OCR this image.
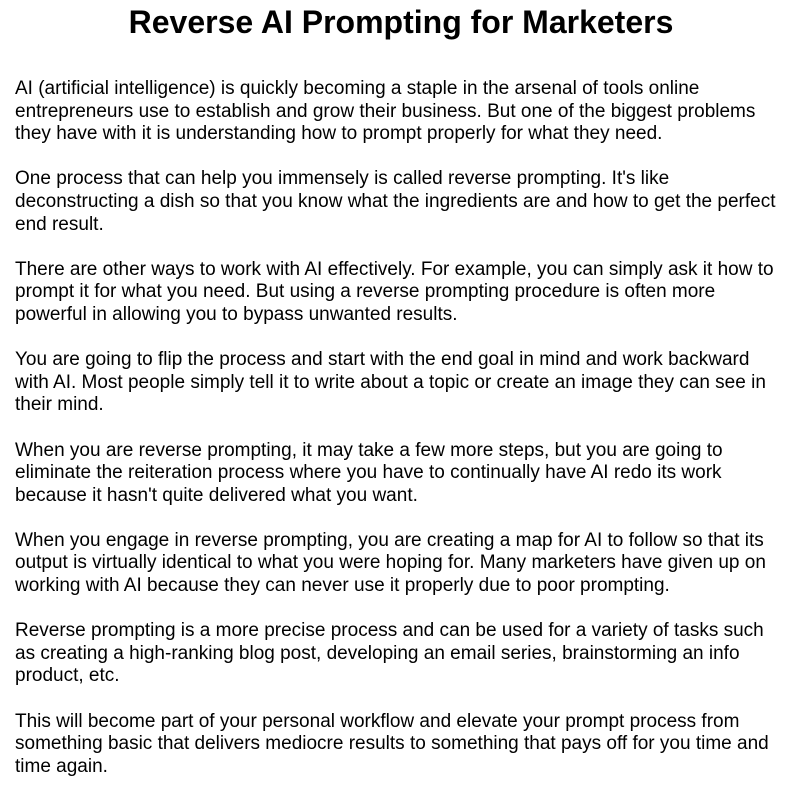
Reverse AI Prompting for Marketers

AI (artificial intelligence) is quickly becoming a staple in the arsenal of tools online entrepreneurs use to establish and grow their business. But one of the biggest problems they have with it is understanding how to prompt properly for what they need.

One process that can help you immensely is called reverse prompting. It's like deconstructing a dish so that you know what the ingredients are and how to get the perfect end result.

There are other ways to work with AI effectively. For example, you can simply ask it how to prompt it for what you need. But using a reverse prompting procedure is often more powerful in allowing you to bypass unwanted results.

You are going to flip the process and start with the end goal in mind and work backward with AI. Most people simply tell it to write about a topic or create an image they can see in their mind.

When you are reverse prompting, it may take a few more steps, but you are going to eliminate the reiteration process where you have to continually have AI redo its work because it hasn't quite delivered what you want.

When you engage in reverse prompting, you are creating a map for AI to follow so that its output is virtually identical to what you were hoping for. Many marketers have given up on working with AI because they can never use it properly due to poor prompting.

Reverse prompting is a more precise process and can be used for a variety of tasks such as creating a high-ranking blog post, developing an email series, brainstorming an info product, etc.

This will become part of your personal workflow and elevate your prompt process from something basic that delivers mediocre results to something that pays off for you time and time again.
